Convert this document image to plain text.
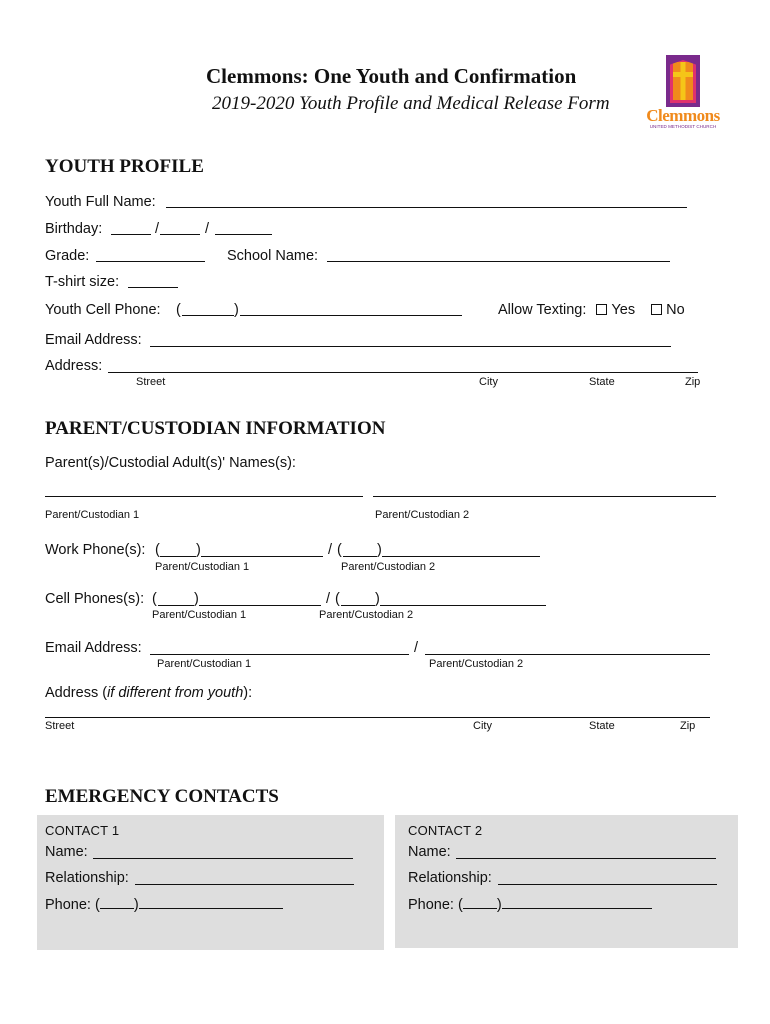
Clemmons: One Youth and Confirmation
2019-2020 Youth Profile and Medical Release Form
Clemmons
UNITED METHODIST CHURCH
YOUTH PROFILE
Youth Full Name:
Birthday:	/	/
Grade:	School Name:
T-shirt size:
Youth Cell Phone: (	)	Allow Texting: Yes No
Email Address:
Address:
Street	City	State	Zip
PARENT/CUSTODIAN INFORMATION
Parent(s)/Custodial Adult(s)' Names(s):
Parent/Custodian 1	Parent/Custodian 2
Work Phone(s): ( )	/ ( )
Parent/Custodian 1	Parent/Custodian 2
Cell Phones(s): (	)	/ ( )
Parent/Custodian 1	Parent/Custodian 2
Email Address:	/
Parent/Custodian 1	Parent/Custodian 2
Address (if different from youth):
Street	City	State	Zip
EMERGENCY CONTACTS
CONTACT 1
Name:
Relationship:
Phone: ( )
CONTACT 2
Name:
Relationship:
Phone: ( )
